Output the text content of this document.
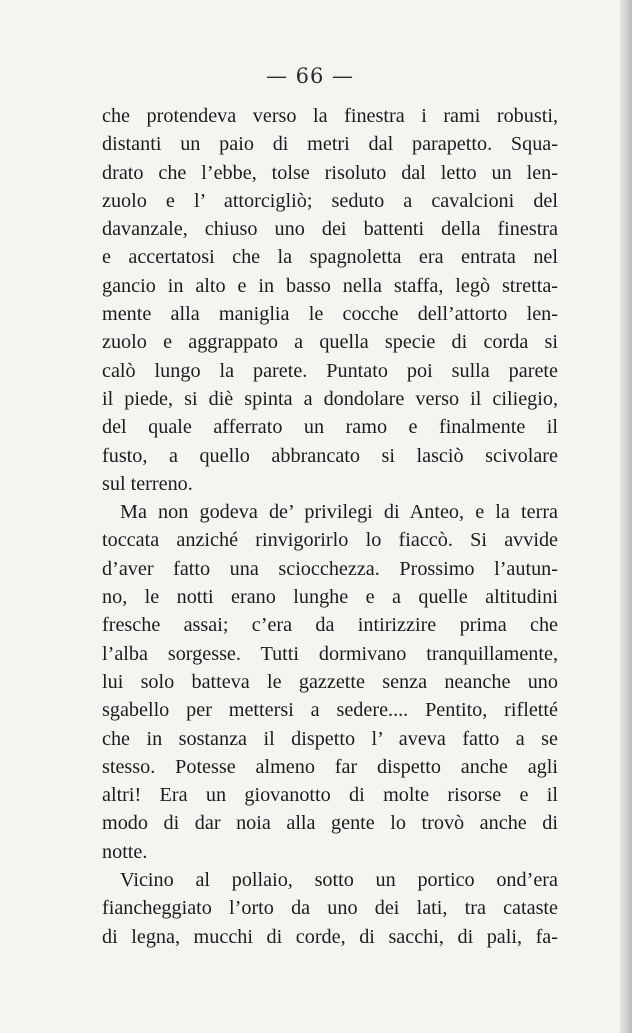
— 66 —

che protendeva verso la finestra i rami robusti,
distanti un paio di metri dal parapetto. Squa-
drato che l’ebbe, tolse risoluto dal letto un len-
zuolo e l’ attorcigliò; seduto a cavalcioni del
davanzale, chiuso uno dei battenti della finestra
e accertatosi che la spagnoletta era entrata nel
gancio in alto e in basso nella staffa, legò stretta-
mente alla maniglia le cocche dell’attorto len-
zuolo e aggrappato a quella specie di corda si
calò lungo la parete. Puntato poi sulla parete
il piede, si diè spinta a dondolare verso il ciliegio,
del quale afferrato un ramo e finalmente il
fusto, a quello abbrancato si lasciò scivolare
sul terreno.

Ma non godeva de’ privilegi di Anteo, e la terra
toccata anziché rinvigorirlo lo fiaccò. Si avvide
d’aver fatto una sciocchezza. Prossimo l’autun-
no, le notti erano lunghe e a quelle altitudini
fresche assai; c’era da intirizzire prima che
l’alba sorgesse. Tutti dormivano tranquillamente,
lui solo batteva le gazzette senza neanche uno
sgabello per mettersi a sedere.... Pentito, rifletté
che in sostanza il dispetto l’ aveva fatto a se
stesso. Potesse almeno far dispetto anche agli
altri! Era un giovanotto di molte risorse e il
modo di dar noia alla gente lo trovò anche di
notte.

Vicino al pollaio, sotto un portico ond’era
fiancheggiato l’orto da uno dei lati, tra cataste
di legna, mucchi di corde, di sacchi, di pali, fa-
